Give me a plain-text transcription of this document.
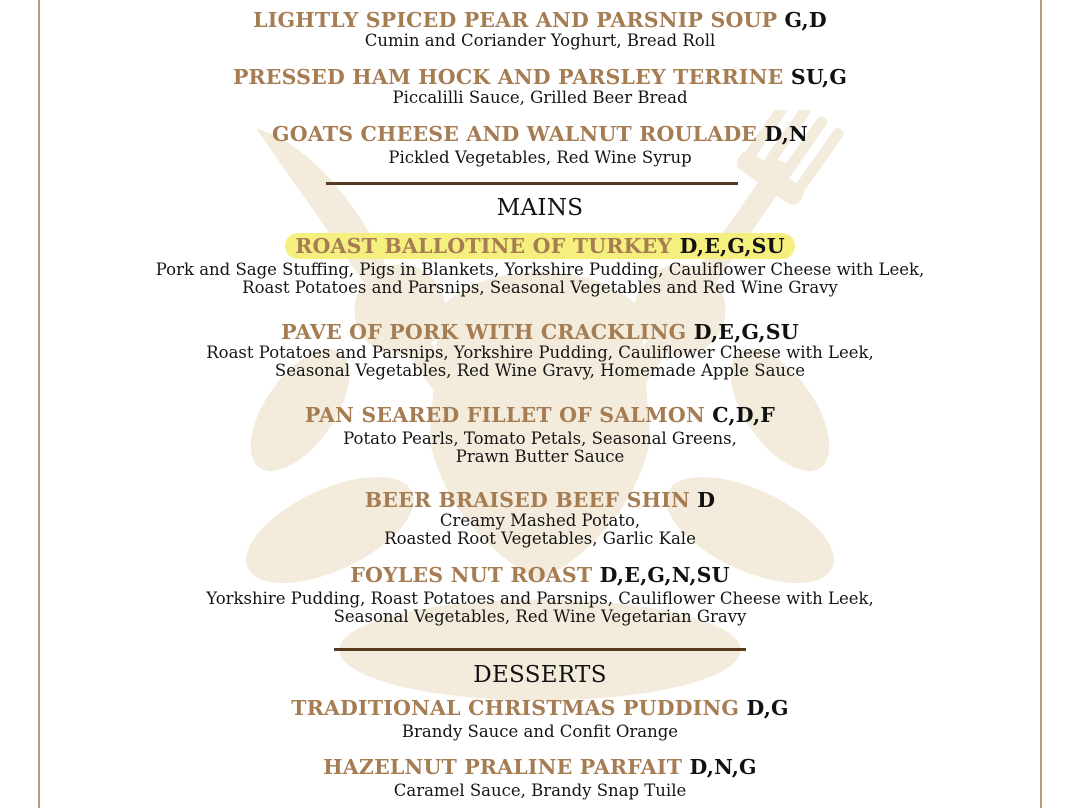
LIGHTLY SPICED PEAR AND PARSNIP SOUP G,D
Cumin and Coriander Yoghurt, Bread Roll
PRESSED HAM HOCK AND PARSLEY TERRINE SU,G
Piccalilli Sauce, Grilled Beer Bread
GOATS CHEESE AND WALNUT ROULADE D,N
Pickled Vegetables, Red Wine Syrup
MAINS
ROAST BALLOTINE OF TURKEY D,E,G,SU
Pork and Sage Stuffing, Pigs in Blankets, Yorkshire Pudding, Cauliflower Cheese with Leek,
Roast Potatoes and Parsnips, Seasonal Vegetables and Red Wine Gravy
PAVE OF PORK WITH CRACKLING D,E,G,SU
Roast Potatoes and Parsnips, Yorkshire Pudding, Cauliflower Cheese with Leek,
Seasonal Vegetables, Red Wine Gravy, Homemade Apple Sauce
PAN SEARED FILLET OF SALMON C,D,F
Potato Pearls, Tomato Petals, Seasonal Greens,
Prawn Butter Sauce
BEER BRAISED BEEF SHIN D
Creamy Mashed Potato,
Roasted Root Vegetables, Garlic Kale
FOYLES NUT ROAST D,E,G,N,SU
Yorkshire Pudding, Roast Potatoes and Parsnips, Cauliflower Cheese with Leek,
Seasonal Vegetables, Red Wine Vegetarian Gravy
DESSERTS
TRADITIONAL CHRISTMAS PUDDING D,G
Brandy Sauce and Confit Orange
HAZELNUT PRALINE PARFAIT D,N,G
Caramel Sauce, Brandy Snap Tuile
